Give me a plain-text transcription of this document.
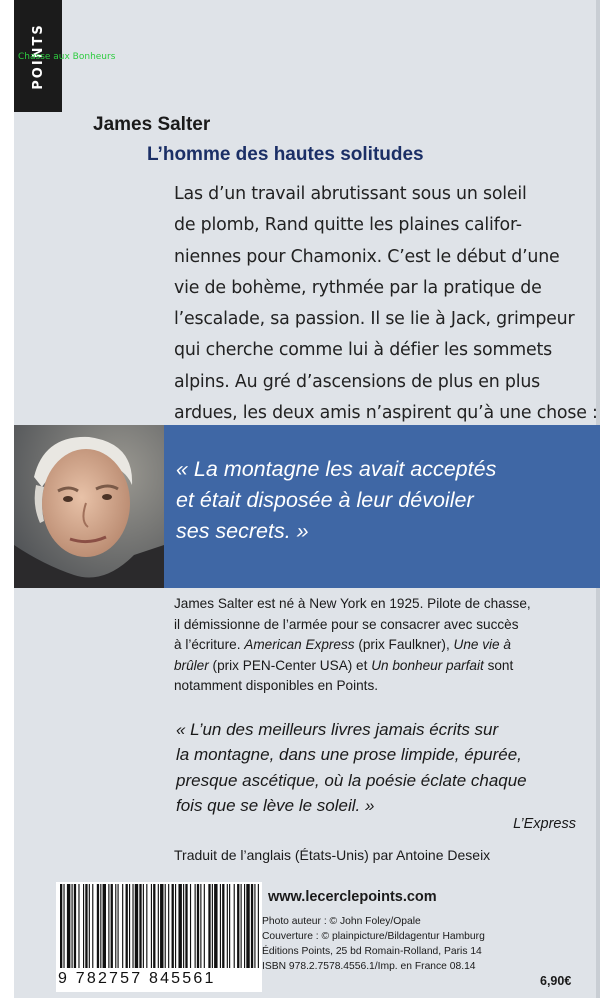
POINTS
Chasse aux Bonheurs
James Salter
L’homme des hautes solitudes
Las d’un travail abrutissant sous un soleil
de plomb, Rand quitte les plaines califor-
niennes pour Chamonix. C’est le début d’une
vie de bohème, rythmée par la pratique de
l’escalade, sa passion. Il se lie à Jack, grimpeur
qui cherche comme lui à défier les sommets
alpins. Au gré d’ascensions de plus en plus
ardues, les deux amis n’aspirent qu’à une chose :
« La montagne les avait acceptés
et était disposée à leur dévoiler
ses secrets. »
James Salter est né à New York en 1925. Pilote de chasse,
il démissionne de l’armée pour se consacrer avec succès
à l’écriture. American Express (prix Faulkner), Une vie à
brûler (prix PEN-Center USA) et Un bonheur parfait sont
notamment disponibles en Points.
« L’un des meilleurs livres jamais écrits sur
la montagne, dans une prose limpide, épurée,
presque ascétique, où la poésie éclate chaque
fois que se lève le soleil. »
L’Express
Traduit de l’anglais (États-Unis) par Antoine Deseix
9 782757 845561
www.lecerclepoints.com
Photo auteur : © John Foley/Opale
Couverture : © plainpicture/Bildagentur Hamburg
Éditions Points, 25 bd Romain-Rolland, Paris 14
ISBN 978.2.7578.4556.1/Imp. en France 08.14
6,90€
